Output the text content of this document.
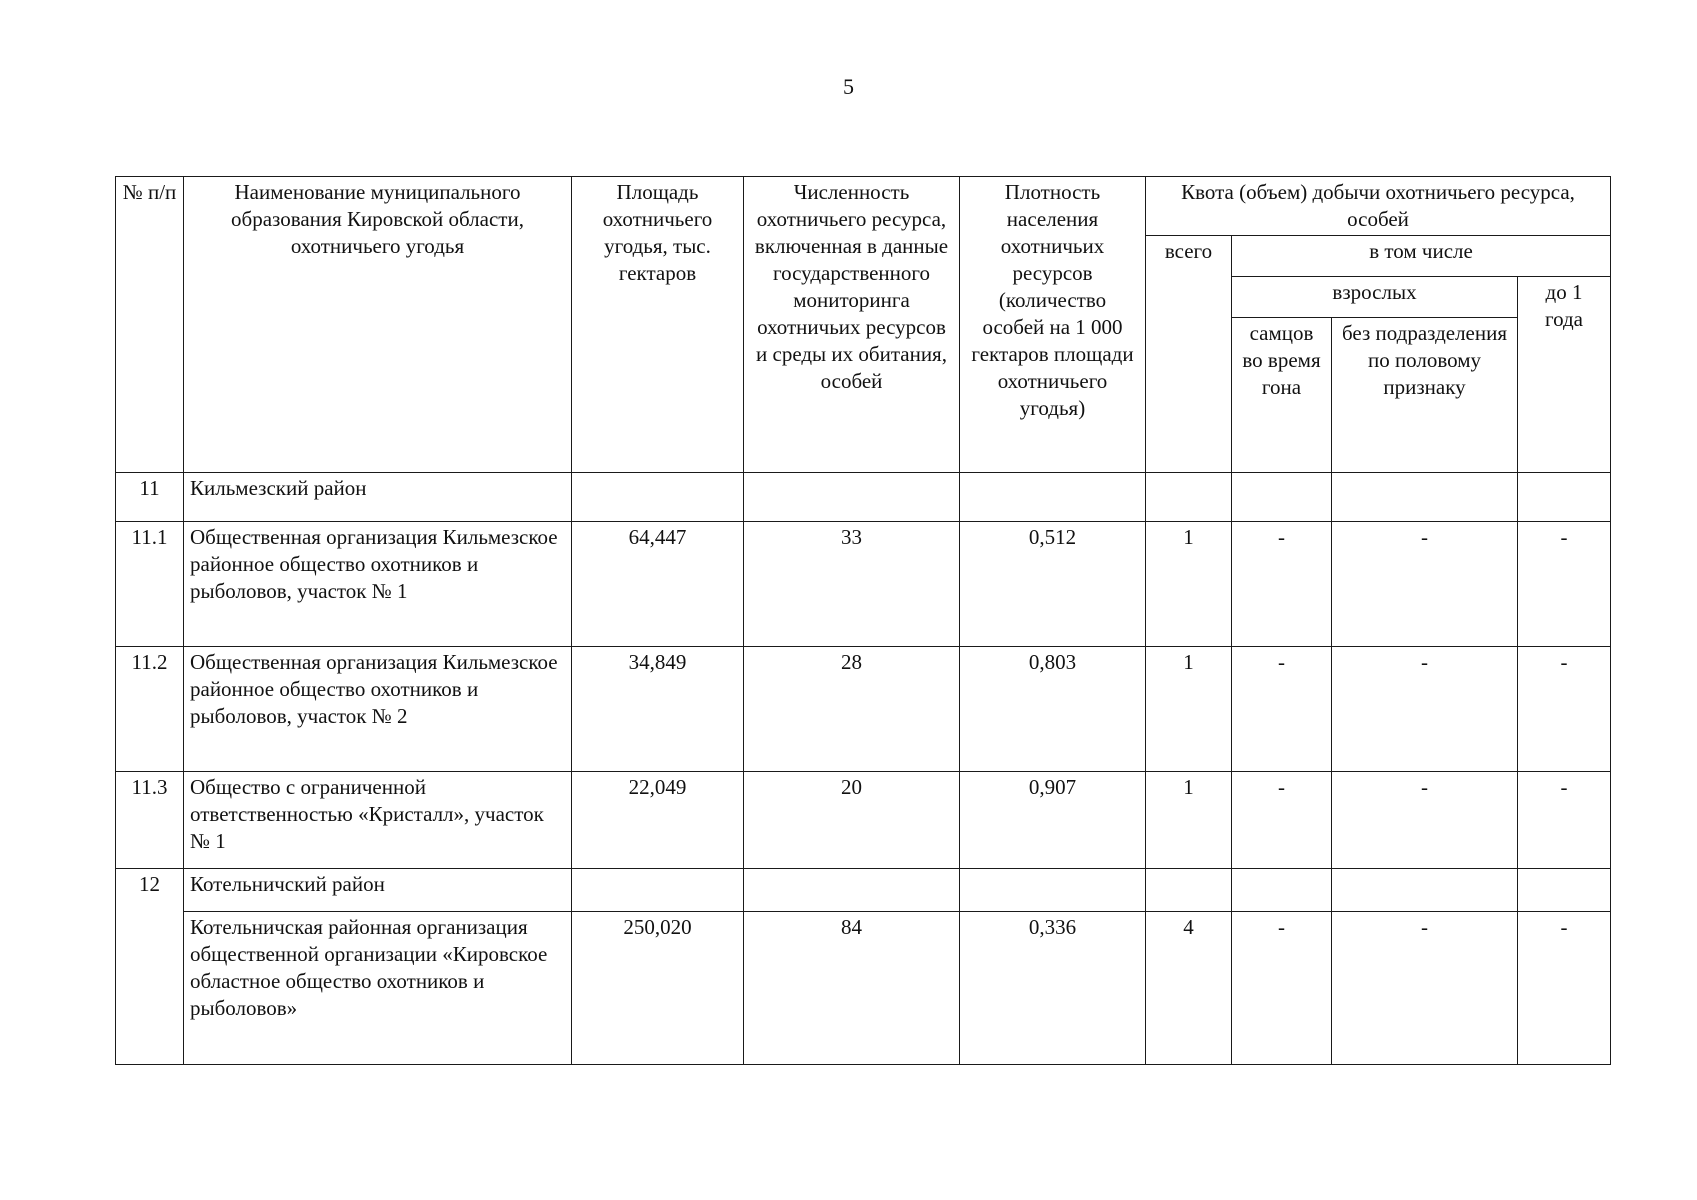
5
№ п/п	Наименование муниципального образования Кировской области, охотничьего угодья	Площадь охотничьего угодья, тыс. гектаров	Численность охотничьего ресурса, включенная в данные государственного мониторинга охотничьих ресурсов и среды их обитания, особей	Плотность населения охотничьих ресурсов (количество особей на 1 000 гектаров площади охотничьего угодья)	Квота (объем) добычи охотничьего ресурса, особей			
					всего	в том числе		
						взрослых		до 1 года
						самцов во время гона	без подразделения по половому признаку	
11	Кильмезский район							
11.1	Общественная организация Кильмезское районное общество охотников и рыболовов, участок № 1	64,447	33	0,512	1	-	-	-
11.2	Общественная организация Кильмезское районное общество охотников и рыболовов, участок № 2	34,849	28	0,803	1	-	-	-
11.3	Общество с ограниченной ответственностью «Кристалл», участок № 1	22,049	20	0,907	1	-	-	-
12	Котельничский район							
	Котельничская районная организация общественной организации «Кировское областное общество охотников и рыболовов»	250,020	84	0,336	4	-	-	-
